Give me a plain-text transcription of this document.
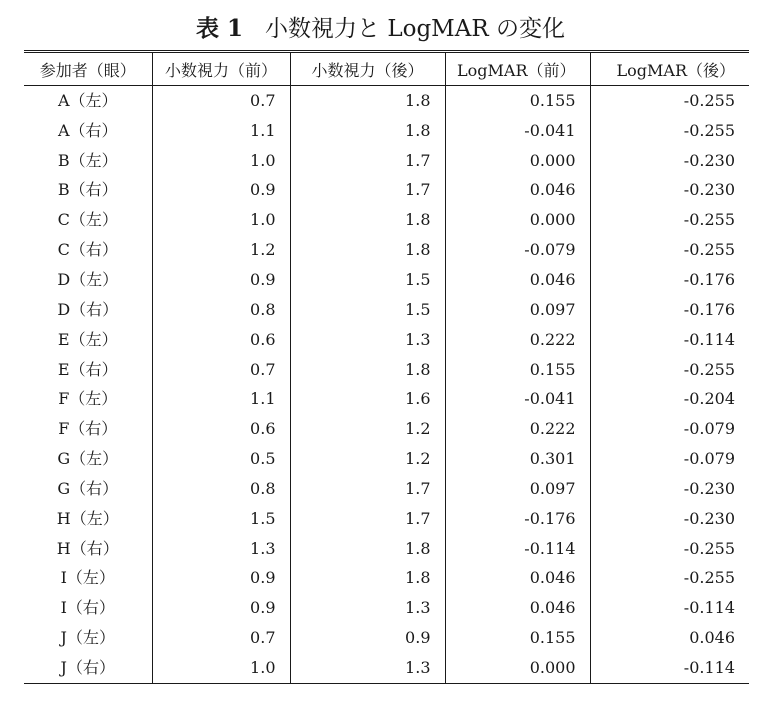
表 1 小数視力と LogMAR の変化
参加者（眼）	小数視力（前）	小数視力（後）	LogMAR（前）	LogMAR（後）
A（左）	0.7	1.8	0.155	-0.255
A（右）	1.1	1.8	-0.041	-0.255
B（左）	1.0	1.7	0.000	-0.230
B（右）	0.9	1.7	0.046	-0.230
C（左）	1.0	1.8	0.000	-0.255
C（右）	1.2	1.8	-0.079	-0.255
D（左）	0.9	1.5	0.046	-0.176
D（右）	0.8	1.5	0.097	-0.176
E（左）	0.6	1.3	0.222	-0.114
E（右）	0.7	1.8	0.155	-0.255
F（左）	1.1	1.6	-0.041	-0.204
F（右）	0.6	1.2	0.222	-0.079
G（左）	0.5	1.2	0.301	-0.079
G（右）	0.8	1.7	0.097	-0.230
H（左）	1.5	1.7	-0.176	-0.230
H（右）	1.3	1.8	-0.114	-0.255
I（左）	0.9	1.8	0.046	-0.255
I（右）	0.9	1.3	0.046	-0.114
J（左）	0.7	0.9	0.155	0.046
J（右）	1.0	1.3	0.000	-0.114
